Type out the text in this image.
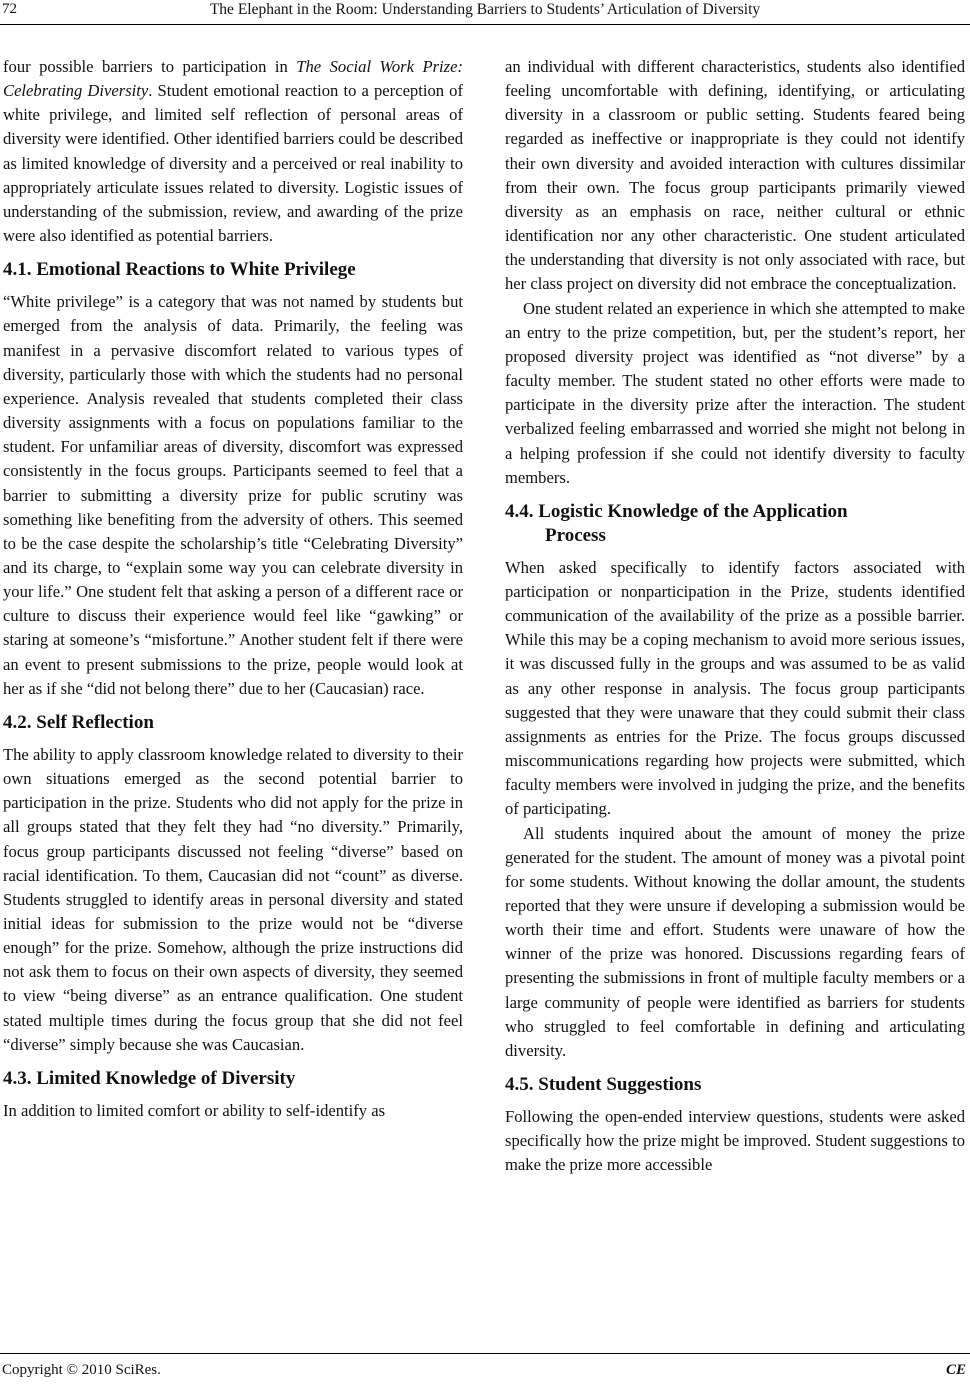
72	The Elephant in the Room: Understanding Barriers to Students’ Articulation of Diversity

four possible barriers to participation in The Social Work Prize: Celebrating Diversity. Student emotional reaction to a perception of white privilege, and limited self reflection of personal areas of diversity were identified. Other identified barriers could be described as limited knowledge of diversity and a perceived or real inability to appropriately articulate issues related to diversity. Logistic issues of understanding of the submission, review, and awarding of the prize were also identified as potential barriers.

4.1. Emotional Reactions to White Privilege

“White privilege” is a category that was not named by students but emerged from the analysis of data. Primarily, the feeling was manifest in a pervasive discomfort related to various types of diversity, particularly those with which the students had no personal experience. Analysis revealed that students completed their class diversity assignments with a focus on populations familiar to the student. For unfamiliar areas of diversity, discomfort was expressed consistently in the focus groups. Participants seemed to feel that a barrier to submitting a diversity prize for public scrutiny was something like benefiting from the adversity of others. This seemed to be the case despite the scholarship’s title “Celebrating Diversity” and its charge, to “explain some way you can celebrate diversity in your life.” One student felt that asking a person of a different race or culture to discuss their experience would feel like “gawking” or staring at someone’s “misfortune.” Another student felt if there were an event to present submissions to the prize, people would look at her as if she “did not belong there” due to her (Caucasian) race.

4.2. Self Reflection

The ability to apply classroom knowledge related to diversity to their own situations emerged as the second potential barrier to participation in the prize. Students who did not apply for the prize in all groups stated that they felt they had “no diversity.” Primarily, focus group participants discussed not feeling “diverse” based on racial identification. To them, Caucasian did not “count” as diverse. Students struggled to identify areas in personal diversity and stated initial ideas for submission to the prize would not be “diverse enough” for the prize. Somehow, although the prize instructions did not ask them to focus on their own aspects of diversity, they seemed to view “being diverse” as an entrance qualification. One student stated multiple times during the focus group that she did not feel “diverse” simply because she was Caucasian.

4.3. Limited Knowledge of Diversity

In addition to limited comfort or ability to self-identify as

an individual with different characteristics, students also identified feeling uncomfortable with defining, identifying, or articulating diversity in a classroom or public setting. Students feared being regarded as ineffective or inappropriate is they could not identify their own diversity and avoided interaction with cultures dissimilar from their own. The focus group participants primarily viewed diversity as an emphasis on race, neither cultural or ethnic identification nor any other characteristic. One student articulated the understanding that diversity is not only associated with race, but her class project on diversity did not embrace the conceptualization.

One student related an experience in which she attempted to make an entry to the prize competition, but, per the student’s report, her proposed diversity project was identified as “not diverse” by a faculty member. The student stated no other efforts were made to participate in the diversity prize after the interaction. The student verbalized feeling embarrassed and worried she might not belong in a helping profession if she could not identify diversity to faculty members.

4.4. Logistic Knowledge of the Application
Process

When asked specifically to identify factors associated with participation or nonparticipation in the Prize, students identified communication of the availability of the prize as a possible barrier. While this may be a coping mechanism to avoid more serious issues, it was discussed fully in the groups and was assumed to be as valid as any other response in analysis. The focus group participants suggested that they were unaware that they could submit their class assignments as entries for the Prize. The focus groups discussed miscommunications regarding how projects were submitted, which faculty members were involved in judging the prize, and the benefits of participating.

All students inquired about the amount of money the prize generated for the student. The amount of money was a pivotal point for some students. Without knowing the dollar amount, the students reported that they were unsure if developing a submission would be worth their time and effort. Students were unaware of how the winner of the prize was honored. Discussions regarding fears of presenting the submissions in front of multiple faculty members or a large community of people were identified as barriers for students who struggled to feel comfortable in defining and articulating diversity.

4.5. Student Suggestions

Following the open-ended interview questions, students were asked specifically how the prize might be improved. Student suggestions to make the prize more accessible

Copyright © 2010 SciRes.	CE
